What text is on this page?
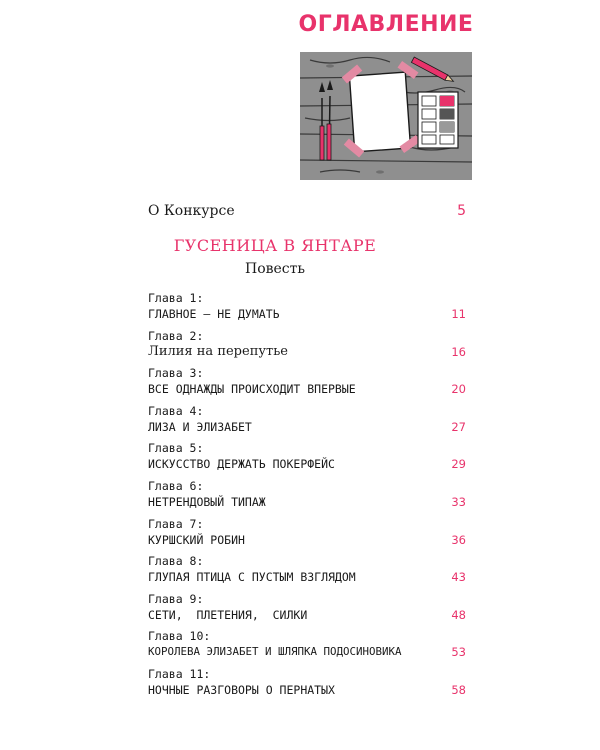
ОГЛАВЛЕНИЕ
О Конкурсе	5
ГУСЕНИЦА В ЯНТАРЕ
Повесть
Глава 1:
ГЛАВНОЕ — НЕ ДУМАТЬ	11
Глава 2:
Лилия на перепутье	16
Глава 3:
ВСЕ ОДНАЖДЫ ПРОИСХОДИТ ВПЕРВЫЕ	20
Глава 4:
ЛИЗА И ЭЛИЗАБЕТ	27
Глава 5:
ИСКУССТВО ДЕРЖАТЬ ПОКЕРФЕЙС	29
Глава 6:
НЕТРЕНДОВЫЙ ТИПАЖ	33
Глава 7:
КУРШСКИЙ РОБИН	36
Глава 8:
ГЛУПАЯ ПТИЦА С ПУСТЫМ ВЗГЛЯДОМ	43
Глава 9:
СЕТИ,  ПЛЕТЕНИЯ,  СИЛКИ	48
Глава 10:
КОРОЛЕВА ЭЛИЗАБЕТ И ШЛЯПКА ПОДОСИНОВИКА	53
Глава 11:
НОЧНЫЕ РАЗГОВОРЫ О ПЕРНАТЫХ	58
